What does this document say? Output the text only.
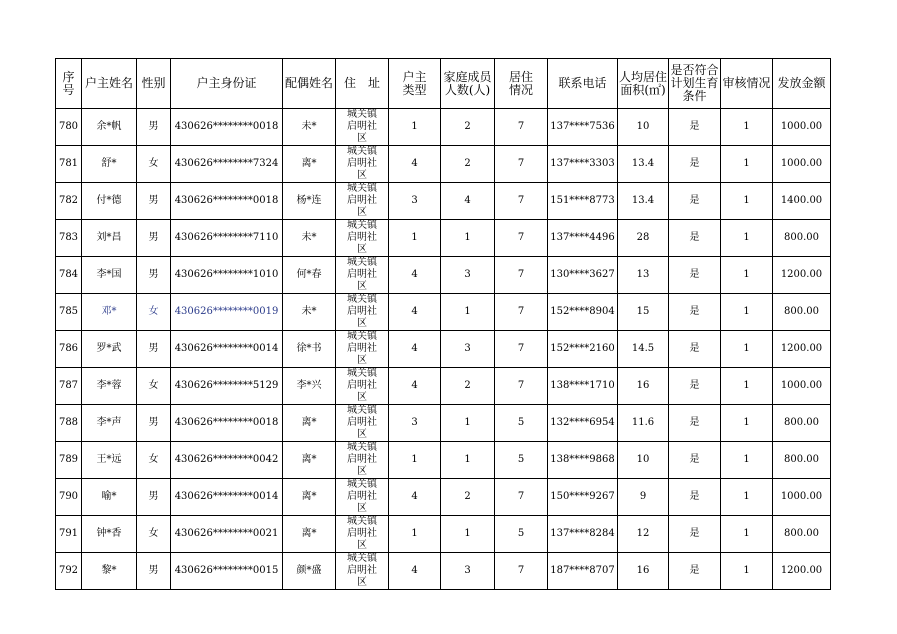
序号	户主姓名	性别	户主身份证	配偶姓名	住　址	户主类型	家庭成员人数(人)	居住情况	联系电话	人均居住面积(㎡)	是否符合计划生育条件	审核情况	发放金额
780	余*帆	男	430626********0018	未*	城关镇启明社区	1	2	7	137****7536	10	是	1	1000.00
781	舒*	女	430626********7324	离*	城关镇启明社区	4	2	7	137****3303	13.4	是	1	1000.00
782	付*德	男	430626********0018	杨*连	城关镇启明社区	3	4	7	151****8773	13.4	是	1	1400.00
783	刘*昌	男	430626********7110	未*	城关镇启明社区	1	1	7	137****4496	28	是	1	800.00
784	李*国	男	430626********1010	何*春	城关镇启明社区	4	3	7	130****3627	13	是	1	1200.00
785	邓*	女	430626********0019	未*	城关镇启明社区	4	1	7	152****8904	15	是	1	800.00
786	罗*武	男	430626********0014	徐*书	城关镇启明社区	4	3	7	152****2160	14.5	是	1	1200.00
787	李*蓉	女	430626********5129	李*兴	城关镇启明社区	4	2	7	138****1710	16	是	1	1000.00
788	李*声	男	430626********0018	离*	城关镇启明社区	3	1	5	132****6954	11.6	是	1	800.00
789	王*远	女	430626********0042	离*	城关镇启明社区	1	1	5	138****9868	10	是	1	800.00
790	喻*	男	430626********0014	离*	城关镇启明社区	4	2	7	150****9267	9	是	1	1000.00
791	钟*香	女	430626********0021	离*	城关镇启明社区	1	1	5	137****8284	12	是	1	800.00
792	黎*	男	430626********0015	颜*盛	城关镇启明社区	4	3	7	187****8707	16	是	1	1200.00
